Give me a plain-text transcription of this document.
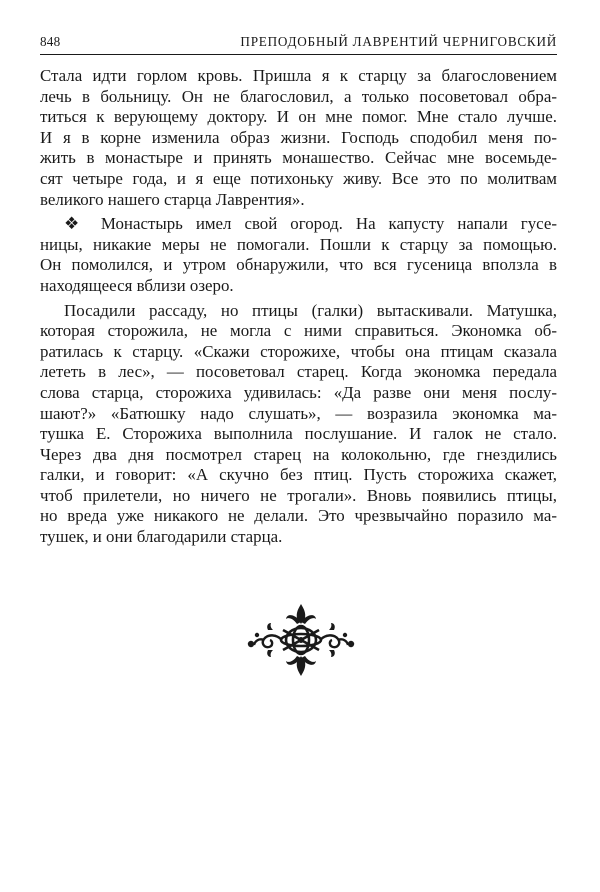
848	ПРЕПОДОБНЫЙ ЛАВРЕНТИЙ ЧЕРНИГОВСКИЙ
Стала идти горлом кровь. Пришла я к старцу за благословением
лечь в больницу. Он не благословил, а только посоветовал обра-
титься к верующему доктору. И он мне помог. Мне стало лучше.
И я в корне изменила образ жизни. Господь сподобил меня по-
жить в монастыре и принять монашество. Сейчас мне восемьде-
сят четыре года, и я еще потихоньку живу. Все это по молитвам
великого нашего старца Лаврентия».
❖ Монастырь имел свой огород. На капусту напали гусе-
ницы, никакие меры не помогали. Пошли к старцу за помощью.
Он помолился, и утром обнаружили, что вся гусеница вползла в
находящееся вблизи озеро.
Посадили рассаду, но птицы (галки) вытаскивали. Матушка,
которая сторожила, не могла с ними справиться. Экономка об-
ратилась к старцу. «Скажи сторожихе, чтобы она птицам сказала
лететь в лес», — посоветовал старец. Когда экономка передала
слова старца, сторожиха удивилась: «Да разве они меня послу-
шают?» «Батюшку надо слушать», — возразила экономка ма-
тушка Е. Сторожиха выполнила послушание. И галок не стало.
Через два дня посмотрел старец на колокольню, где гнездились
галки, и говорит: «А скучно без птиц. Пусть сторожиха скажет,
чтоб прилетели, но ничего не трогали». Вновь появились птицы,
но вреда уже никакого не делали. Это чрезвычайно поразило ма-
тушек, и они благодарили старца.
